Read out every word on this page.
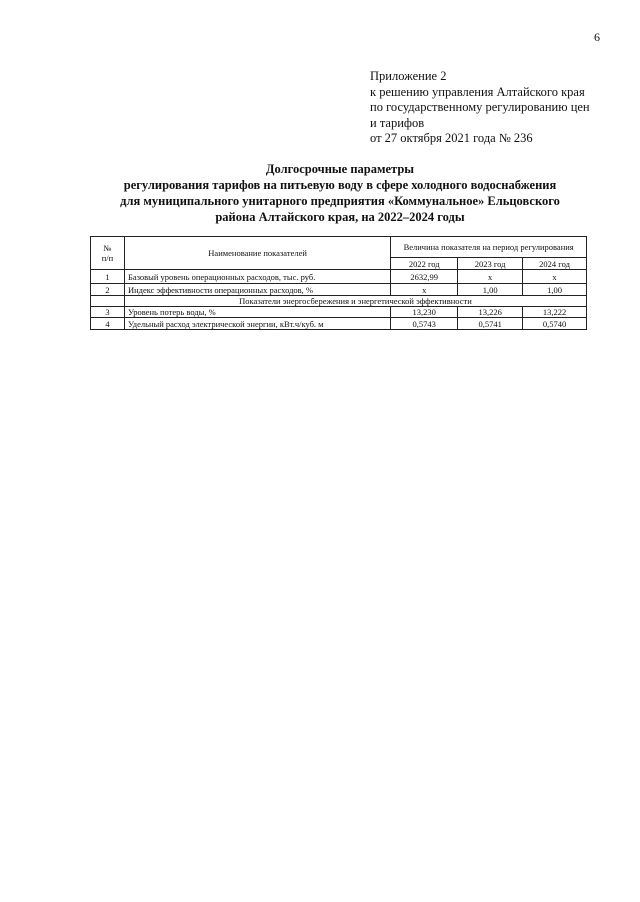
6
Приложение 2
к решению управления Алтайского края
по государственному регулированию цен
и тарифов
от 27 октября 2021 года № 236
Долгосрочные параметры
регулирования тарифов на питьевую воду в сфере холодного водоснабжения
для муниципального унитарного предприятия «Коммунальное» Ельцовского
района Алтайского края, на 2022–2024 годы
№
п/п	Наименование показателей	Величина показателя на период регулирования		
		2022 год	2023 год	2024 год
1	Базовый уровень операционных расходов, тыс. руб.	2632,99	x	x
2	Индекс эффективности операционных расходов, %	x	1,00	1,00
	Показатели энергосбережения и энергетической эффективности			
3	Уровень потерь воды, %	13,230	13,226	13,222
4	Удельный расход электрической энергии, кВт.ч/куб. м	0,5743	0,5741	0,5740
